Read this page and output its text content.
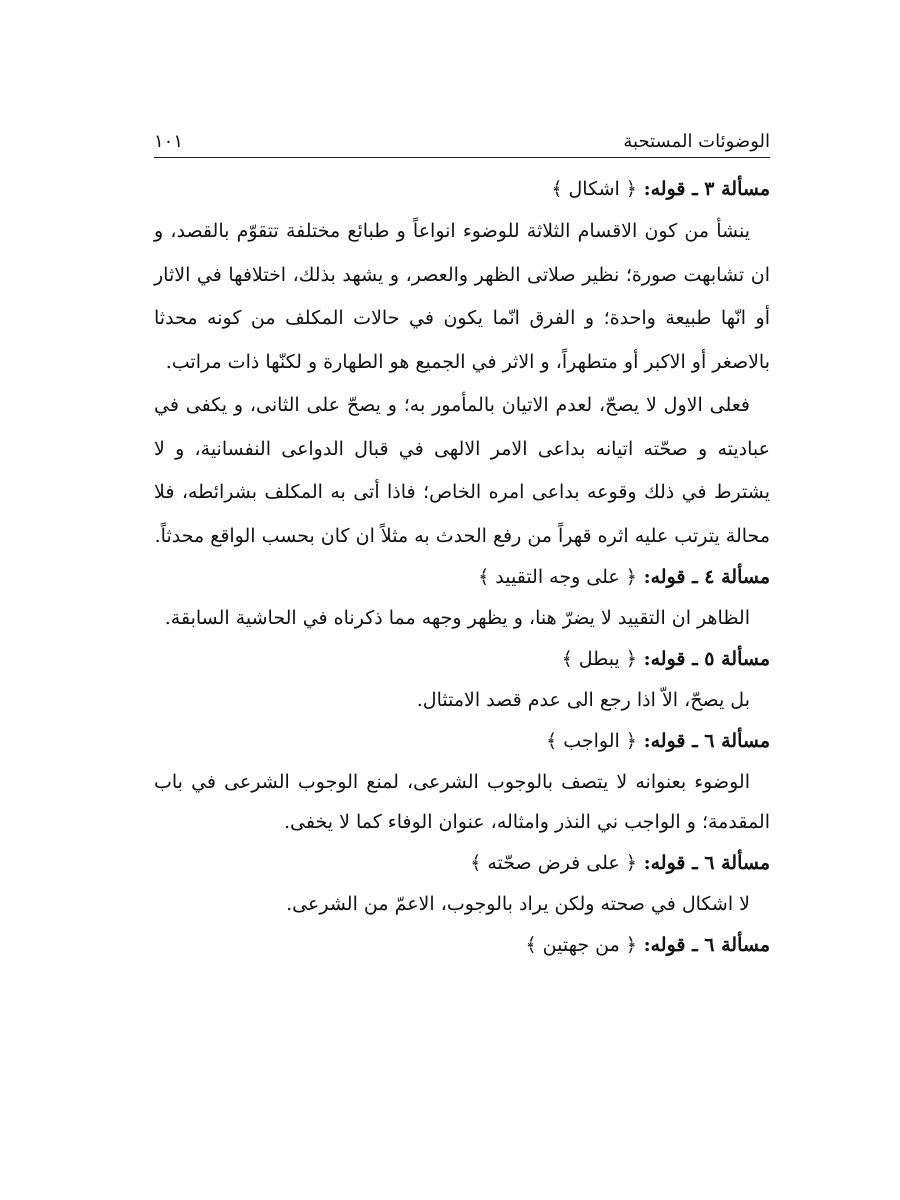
الوضوئات المستحبة
١٠١
مسألة ٣ ـ قوله: ﴿ اشكال ﴾

ينشأ من كون الاقسام الثلاثة للوضوء انواعاً و طبائع مختلفة تتقوّم بالقصد، و ان تشابهت صورة؛ نظير صلاتى الظهر والعصر، و يشهد بذلك، اختلافها في الاثار أو انّها طبيعة واحدة؛ و الفرق انّما يكون في حالات المكلف من كونه محدثا بالاصغر أو الاكبر أو متطهراً، و الاثر في الجميع هو الطهارة و لكنّها ذات مراتب.

فعلى الاول لا يصحّ، لعدم الاتيان بالمأمور به؛ و يصحّ على الثانى، و يكفى في عباديته و صحّته اتيانه بداعى الامر الالهى في قبال الدواعى النفسانية، و لا يشترط في ذلك وقوعه بداعى امره الخاص؛ فاذا أتى به المكلف بشرائطه، فلا محالة يترتب عليه اثره قهراً من رفع الحدث به مثلاً ان كان بحسب الواقع محدثاً.

مسألة ٤ ـ قوله: ﴿ على وجه التقييد ﴾

الظاهر ان التقييد لا يضرّ هنا، و يظهر وجهه مما ذكرناه في الحاشية السابقة.

مسألة ٥ ـ قوله: ﴿ يبطل ﴾

بل يصحّ، الاّ اذا رجع الى عدم قصد الامتثال.

مسألة ٦ ـ قوله: ﴿ الواجب ﴾

الوضوء بعنوانه لا يتصف بالوجوب الشرعى، لمنع الوجوب الشرعى في باب المقدمة؛ و الواجب ني النذر وامثاله، عنوان الوفاء كما لا يخفى.

مسألة ٦ ـ قوله: ﴿ على فرض صحّته ﴾

لا اشكال في صحته ولكن يراد بالوجوب، الاعمّ من الشرعى.

مسألة ٦ ـ قوله: ﴿ من جهتين ﴾
